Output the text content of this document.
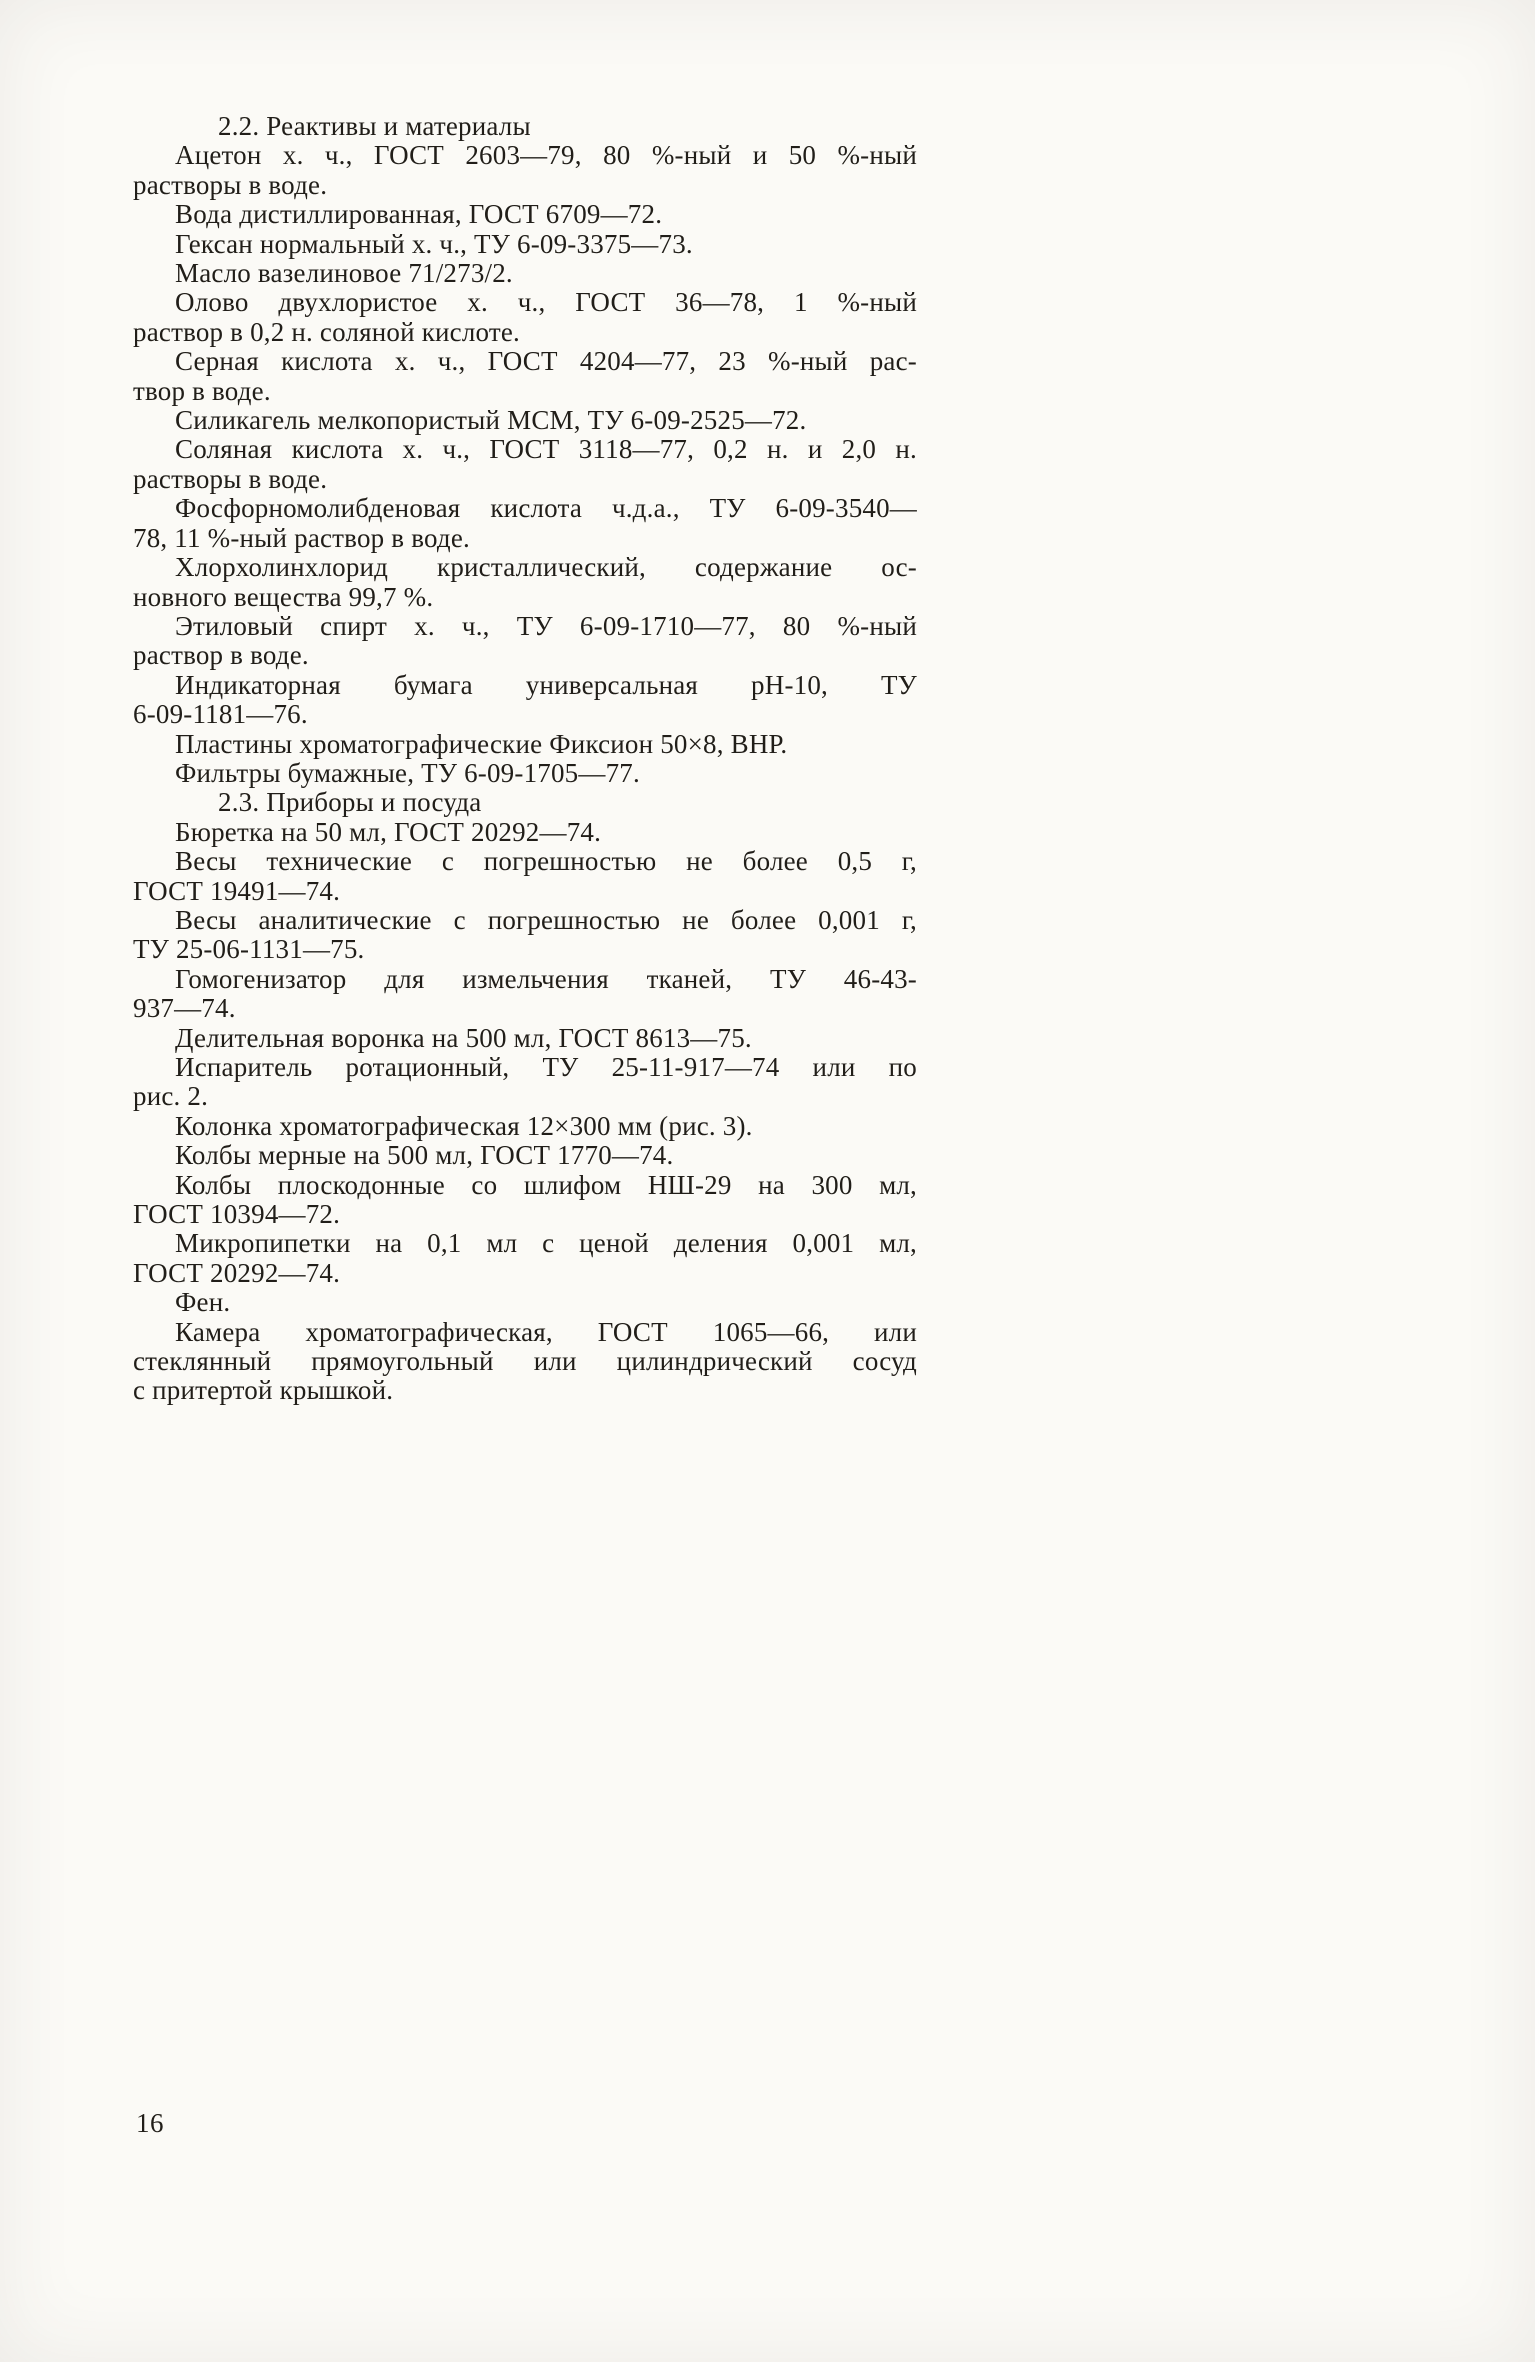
2.2. Реактивы и материалы
Ацетон х. ч., ГОСТ 2603—79, 80 %-ный и 50 %-ный
растворы в воде.
Вода дистиллированная, ГОСТ 6709—72.
Гексан нормальный х. ч., ТУ 6-09-3375—73.
Масло вазелиновое 71/273/2.
Олово двухлористое х. ч., ГОСТ 36—78, 1 %-ный
раствор в 0,2 н. соляной кислоте.
Серная кислота х. ч., ГОСТ 4204—77, 23 %-ный рас-
твор в воде.
Силикагель мелкопористый МСМ, ТУ 6-09-2525—72.
Соляная кислота х. ч., ГОСТ 3118—77, 0,2 н. и 2,0 н.
растворы в воде.
Фосфорномолибденовая кислота ч.д.а., ТУ 6-09-3540—
78, 11 %-ный раствор в воде.
Хлорхолинхлорид кристаллический, содержание ос-
новного вещества 99,7 %.
Этиловый спирт х. ч., ТУ 6-09-1710—77, 80 %-ный
раствор в воде.
Индикаторная бумага универсальная рН-10, ТУ
6-09-1181—76.
Пластины хроматографические Фиксион 50×8, ВНР.
Фильтры бумажные, ТУ 6-09-1705—77.
2.3. Приборы и посуда
Бюретка на 50 мл, ГОСТ 20292—74.
Весы технические с погрешностью не более 0,5 г,
ГОСТ 19491—74.
Весы аналитические с погрешностью не более 0,001 г,
ТУ 25-06-1131—75.
Гомогенизатор для измельчения тканей, ТУ 46-43-
937—74.
Делительная воронка на 500 мл, ГОСТ 8613—75.
Испаритель ротационный, ТУ 25-11-917—74 или по
рис. 2.
Колонка хроматографическая 12×300 мм (рис. 3).
Колбы мерные на 500 мл, ГОСТ 1770—74.
Колбы плоскодонные со шлифом НШ-29 на 300 мл,
ГОСТ 10394—72.
Микропипетки на 0,1 мл с ценой деления 0,001 мл,
ГОСТ 20292—74.
Фен.
Камера хроматографическая, ГОСТ 1065—66, или
стеклянный прямоугольный или цилиндрический сосуд
с притертой крышкой.
16
